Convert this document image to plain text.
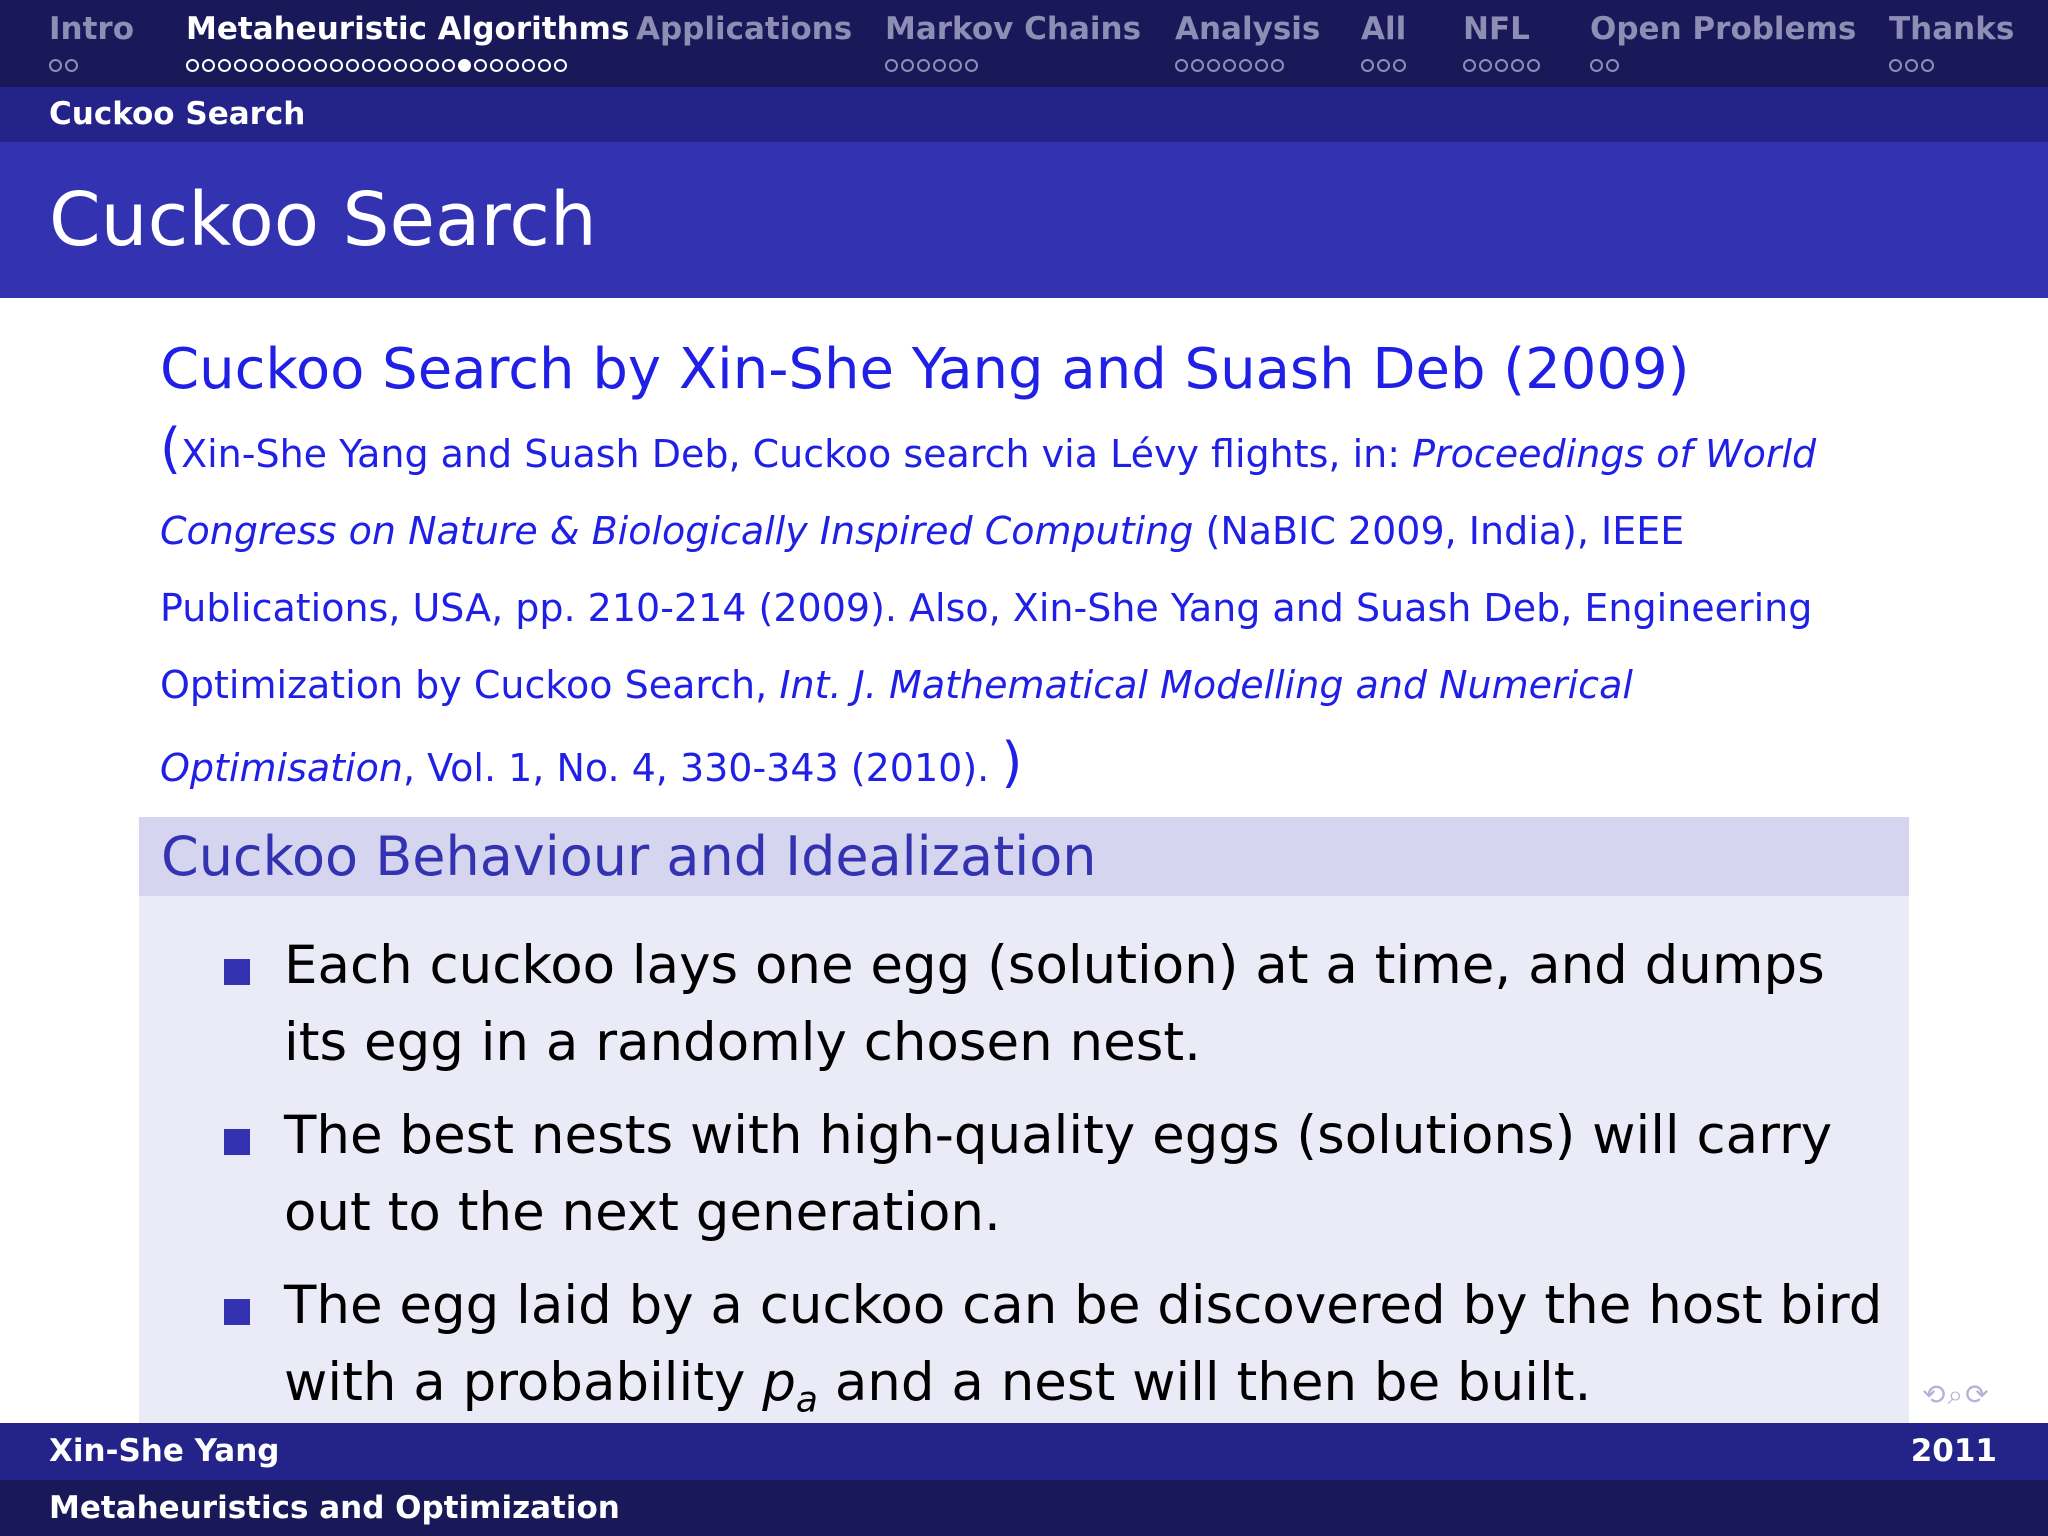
Intro Metaheuristic Algorithms Applications Markov Chains Analysis All NFL Open Problems Thanks
Cuckoo Search
Cuckoo Search
Cuckoo Search by Xin-She Yang and Suash Deb (2009)
(Xin-She Yang and Suash Deb, Cuckoo search via Lévy flights, in: Proceedings of World Congress on Nature & Biologically Inspired Computing (NaBIC 2009, India), IEEE Publications, USA, pp. 210-214 (2009). Also, Xin-She Yang and Suash Deb, Engineering Optimization by Cuckoo Search, Int. J. Mathematical Modelling and Numerical Optimisation, Vol. 1, No. 4, 330-343 (2010). )
Cuckoo Behaviour and Idealization
Each cuckoo lays one egg (solution) at a time, and dumps its egg in a randomly chosen nest.
The best nests with high-quality eggs (solutions) will carry out to the next generation.
The egg laid by a cuckoo can be discovered by the host bird with a probability $p_a$ and a nest will then be built.	⟲⌕⟳
Xin-She Yang	2011
Metaheuristics and Optimization
